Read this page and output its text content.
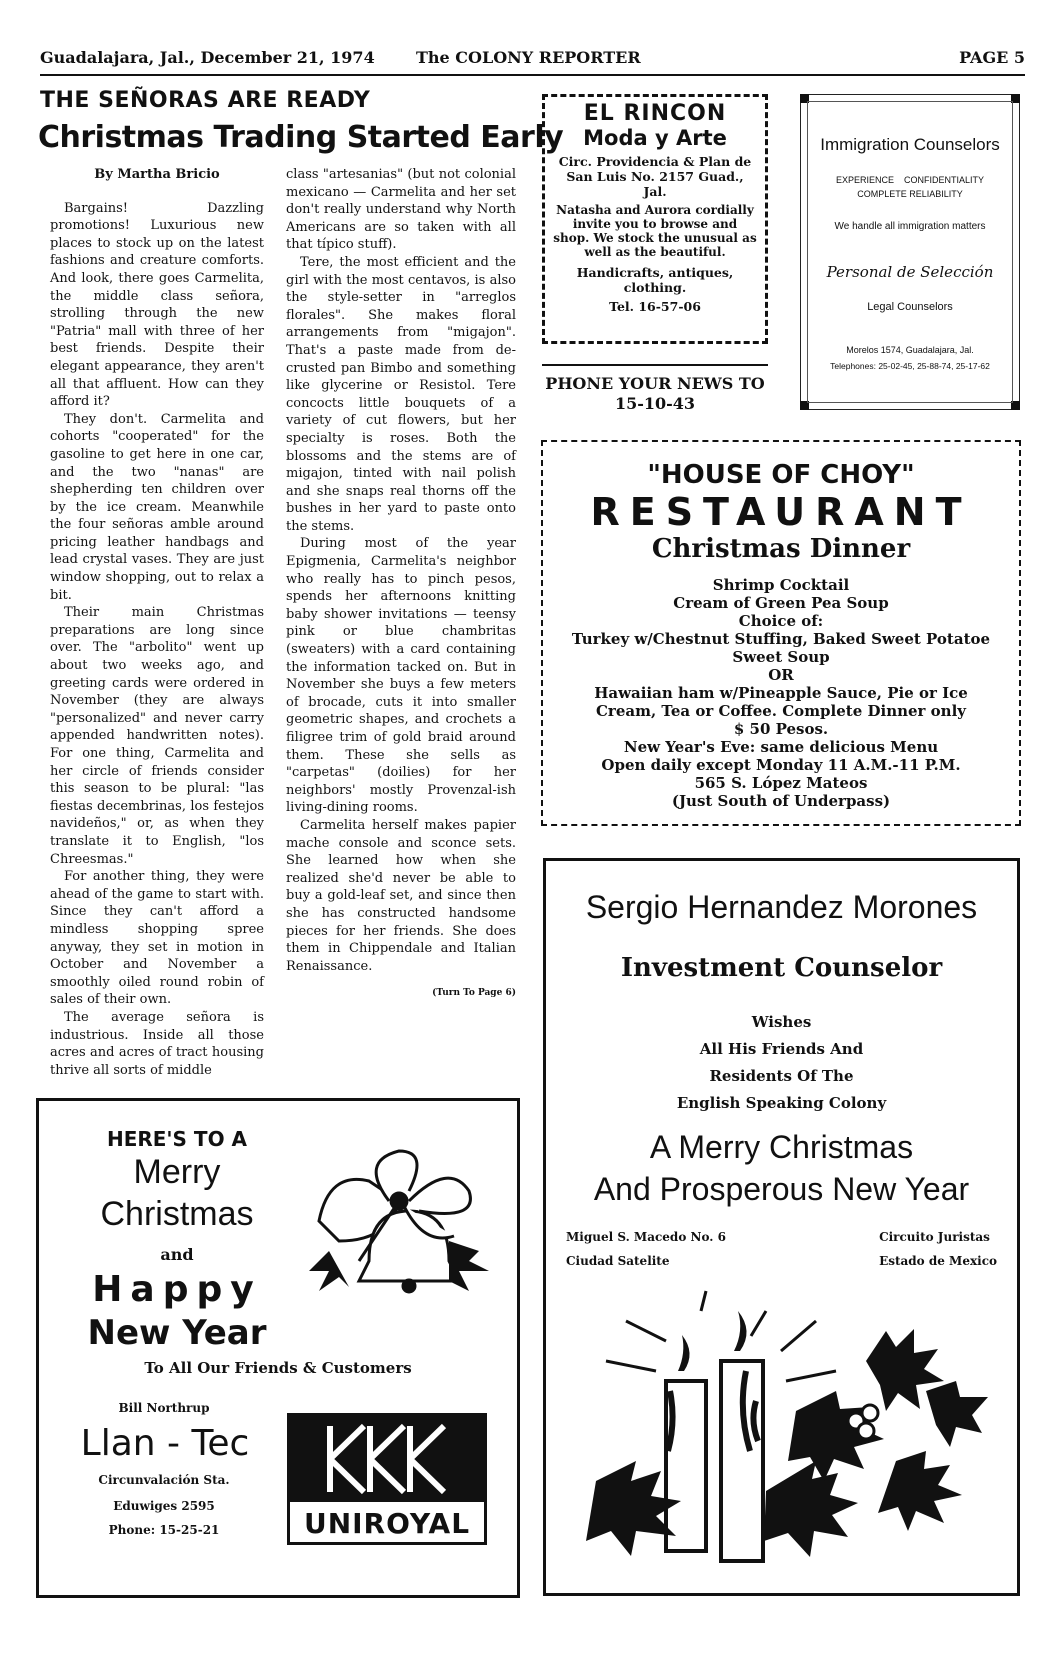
Guadalajara, Jal., December 21, 1974	The COLONY REPORTER	PAGE 5
THE SEÑORAS ARE READY
Christmas Trading Started Early
By Martha Bricio

Bargains! Dazzling promotions! Luxurious new places to stock up on the latest fashions and creature comforts. And look, there goes Carmelita, the middle class señora, strolling through the new "Patria" mall with three of her best friends. Despite their elegant appearance, they aren't all that affluent. How can they afford it?

They don't. Carmelita and cohorts "cooperated" for the gasoline to get here in one car, and the two "nanas" are shepherding ten children over by the ice cream. Meanwhile the four señoras amble around pricing leather handbags and lead crystal vases. They are just window shopping, out to relax a bit.

Their main Christmas preparations are long since over. The "arbolito" went up about two weeks ago, and greeting cards were ordered in November (they are always "personalized" and never carry appended handwritten notes). For one thing, Carmelita and her circle of friends consider this season to be plural: "las fiestas decembrinas, los festejos navideños," or, as when they translate it to English, "los Chreesmas."

For another thing, they were ahead of the game to start with. Since they can't afford a mindless shopping spree anyway, they set in motion in October and November a smoothly oiled round robin of sales of their own.

The average señora is industrious. Inside all those acres and acres of tract housing thrive all sorts of middle

class "artesanias" (but not colonial mexicano — Carmelita and her set don't really understand why North Americans are so taken with all that típico stuff).

Tere, the most efficient and the girl with the most centavos, is also the style-setter in "arreglos florales". She makes floral arrangements from "migajon". That's a paste made from de-crusted pan Bimbo and something like glycerine or Resistol. Tere concocts little bouquets of a variety of cut flowers, but her specialty is roses. Both the blossoms and the stems are of migajon, tinted with nail polish and she snaps real thorns off the bushes in her yard to paste onto the stems.

During most of the year Epigmenia, Carmelita's neighbor who really has to pinch pesos, spends her afternoons knitting baby shower invitations — teensy pink or blue chambritas (sweaters) with a card containing the information tacked on. But in November she buys a few meters of brocade, cuts it into smaller geometric shapes, and crochets a filigree trim of gold braid around them. These she sells as "carpetas" (doilies) for her neighbors' mostly Provenzal-ish living-dining rooms.

Carmelita herself makes papier mache console and sconce sets. She learned how when she realized she'd never be able to buy a gold-leaf set, and since then she has constructed handsome pieces for her friends. She does them in Chippendale and Italian Renaissance.

(Turn To Page 6)
EL RINCON
Moda y Arte
Circ. Providencia & Plan de San Luis No. 2157 Guad., Jal.
Natasha and Aurora cordially invite you to browse and shop. We stock the unusual as well as the beautiful.
Handicrafts, antiques, clothing.
Tel. 16-57-06
PHONE YOUR NEWS TO 15-10-43
Immigration Counselors
EXPERIENCE    CONFIDENTIALITY
COMPLETE RELIABILITY
We handle all immigration matters
Personal de Selección
Legal Counselors
Morelos 1574, Guadalajara, Jal.
Telephones: 25-02-45, 25-88-74, 25-17-62
"HOUSE OF CHOY"
RESTAURANT
Christmas Dinner
Shrimp Cocktail
Cream of Green Pea Soup
Choice of:
Turkey w/Chestnut Stuffing, Baked Sweet Potatoe
Sweet Soup
OR
Hawaiian ham w/Pineapple Sauce, Pie or Ice
Cream, Tea or Coffee. Complete Dinner only
$ 50 Pesos.
New Year's Eve: same delicious Menu
Open daily except Monday 11 A.M.-11 P.M.
565 S. López Mateos
(Just South of Underpass)
Sergio Hernandez Morones
Investment Counselor
Wishes
All His Friends And
Residents Of The
English Speaking Colony
A Merry Christmas
And Prosperous New Year
Miguel S. Macedo No. 6
Ciudad Satelite
Circuito Juristas
Estado de Mexico
HERE'S TO A
Merry
Christmas
and
Happy
New Year
To All Our Friends & Customers
Bill Northrup
Llan - Tec
Circunvalación Sta.
Eduwiges 2595
Phone: 15-25-21	UNIROYAL
